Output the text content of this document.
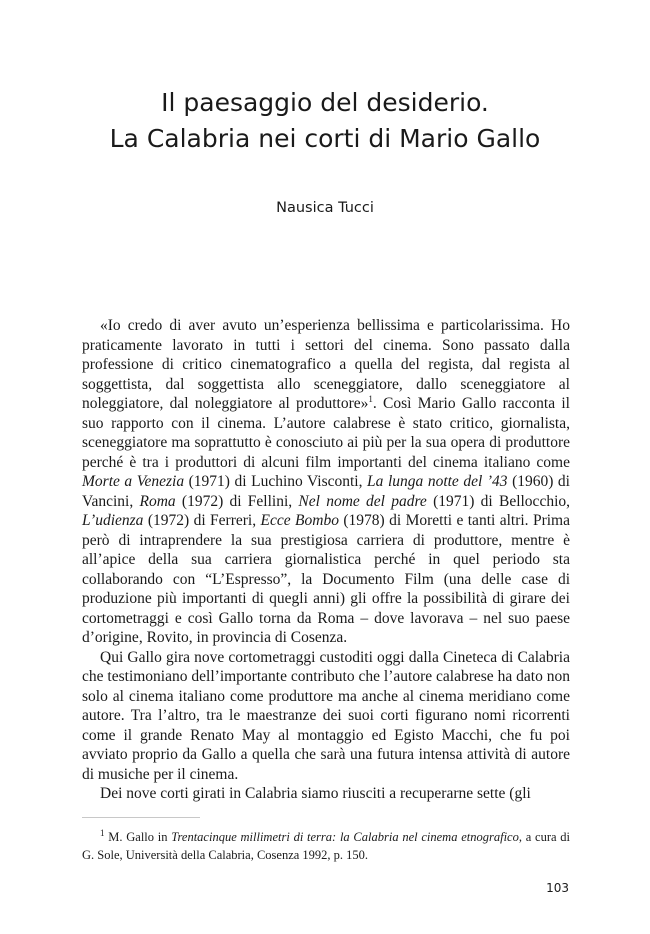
Il paesaggio del desiderio.
La Calabria nei corti di Mario Gallo
Nausica Tucci

«Io credo di aver avuto un’esperienza bellissima e particolarissima. Ho praticamente lavorato in tutti i settori del cinema. Sono passato dalla professione di critico cinematografico a quella del regista, dal regista al soggettista, dal soggettista allo sceneggiatore, dallo sceneggiatore al noleggiatore, dal noleggiatore al produttore»$^1$. Così Mario Gallo racconta il suo rapporto con il cinema. L’autore calabrese è stato critico, giornalista, sceneggiatore ma soprattutto è conosciuto ai più per la sua opera di produttore perché è tra i produttori di alcuni film importanti del cinema italiano come Morte a Venezia (1971) di Luchino Visconti, La lunga notte del ’43 (1960) di Vancini, Roma (1972) di Fellini, Nel nome del padre (1971) di Bellocchio, L’udienza (1972) di Ferreri, Ecce Bombo (1978) di Moretti e tanti altri. Prima però di intraprendere la sua prestigiosa carriera di produttore, mentre è all’apice della sua carriera giornalistica perché in quel periodo sta collaborando con “L’Espresso”, la Documento Film (una delle case di produzione più importanti di quegli anni) gli offre la possibilità di girare dei cortometraggi e così Gallo torna da Roma – dove lavorava – nel suo paese d’origine, Rovito, in provincia di Cosenza.

Qui Gallo gira nove cortometraggi custoditi oggi dalla Cineteca di Calabria che testimoniano dell’importante contributo che l’autore calabrese ha dato non solo al cinema italiano come produttore ma anche al cinema meridiano come autore. Tra l’altro, tra le maestranze dei suoi corti figurano nomi ricorrenti come il grande Renato May al montaggio ed Egisto Macchi, che fu poi avviato proprio da Gallo a quella che sarà una futura intensa attività di autore di musiche per il cinema.

Dei nove corti girati in Calabria siamo riusciti a recuperarne sette (gli

$^1$ M. Gallo in Trentacinque millimetri di terra: la Calabria nel cinema etnografico, a cura di G. Sole, Università della Calabria, Cosenza 1992, p. 150.

103
